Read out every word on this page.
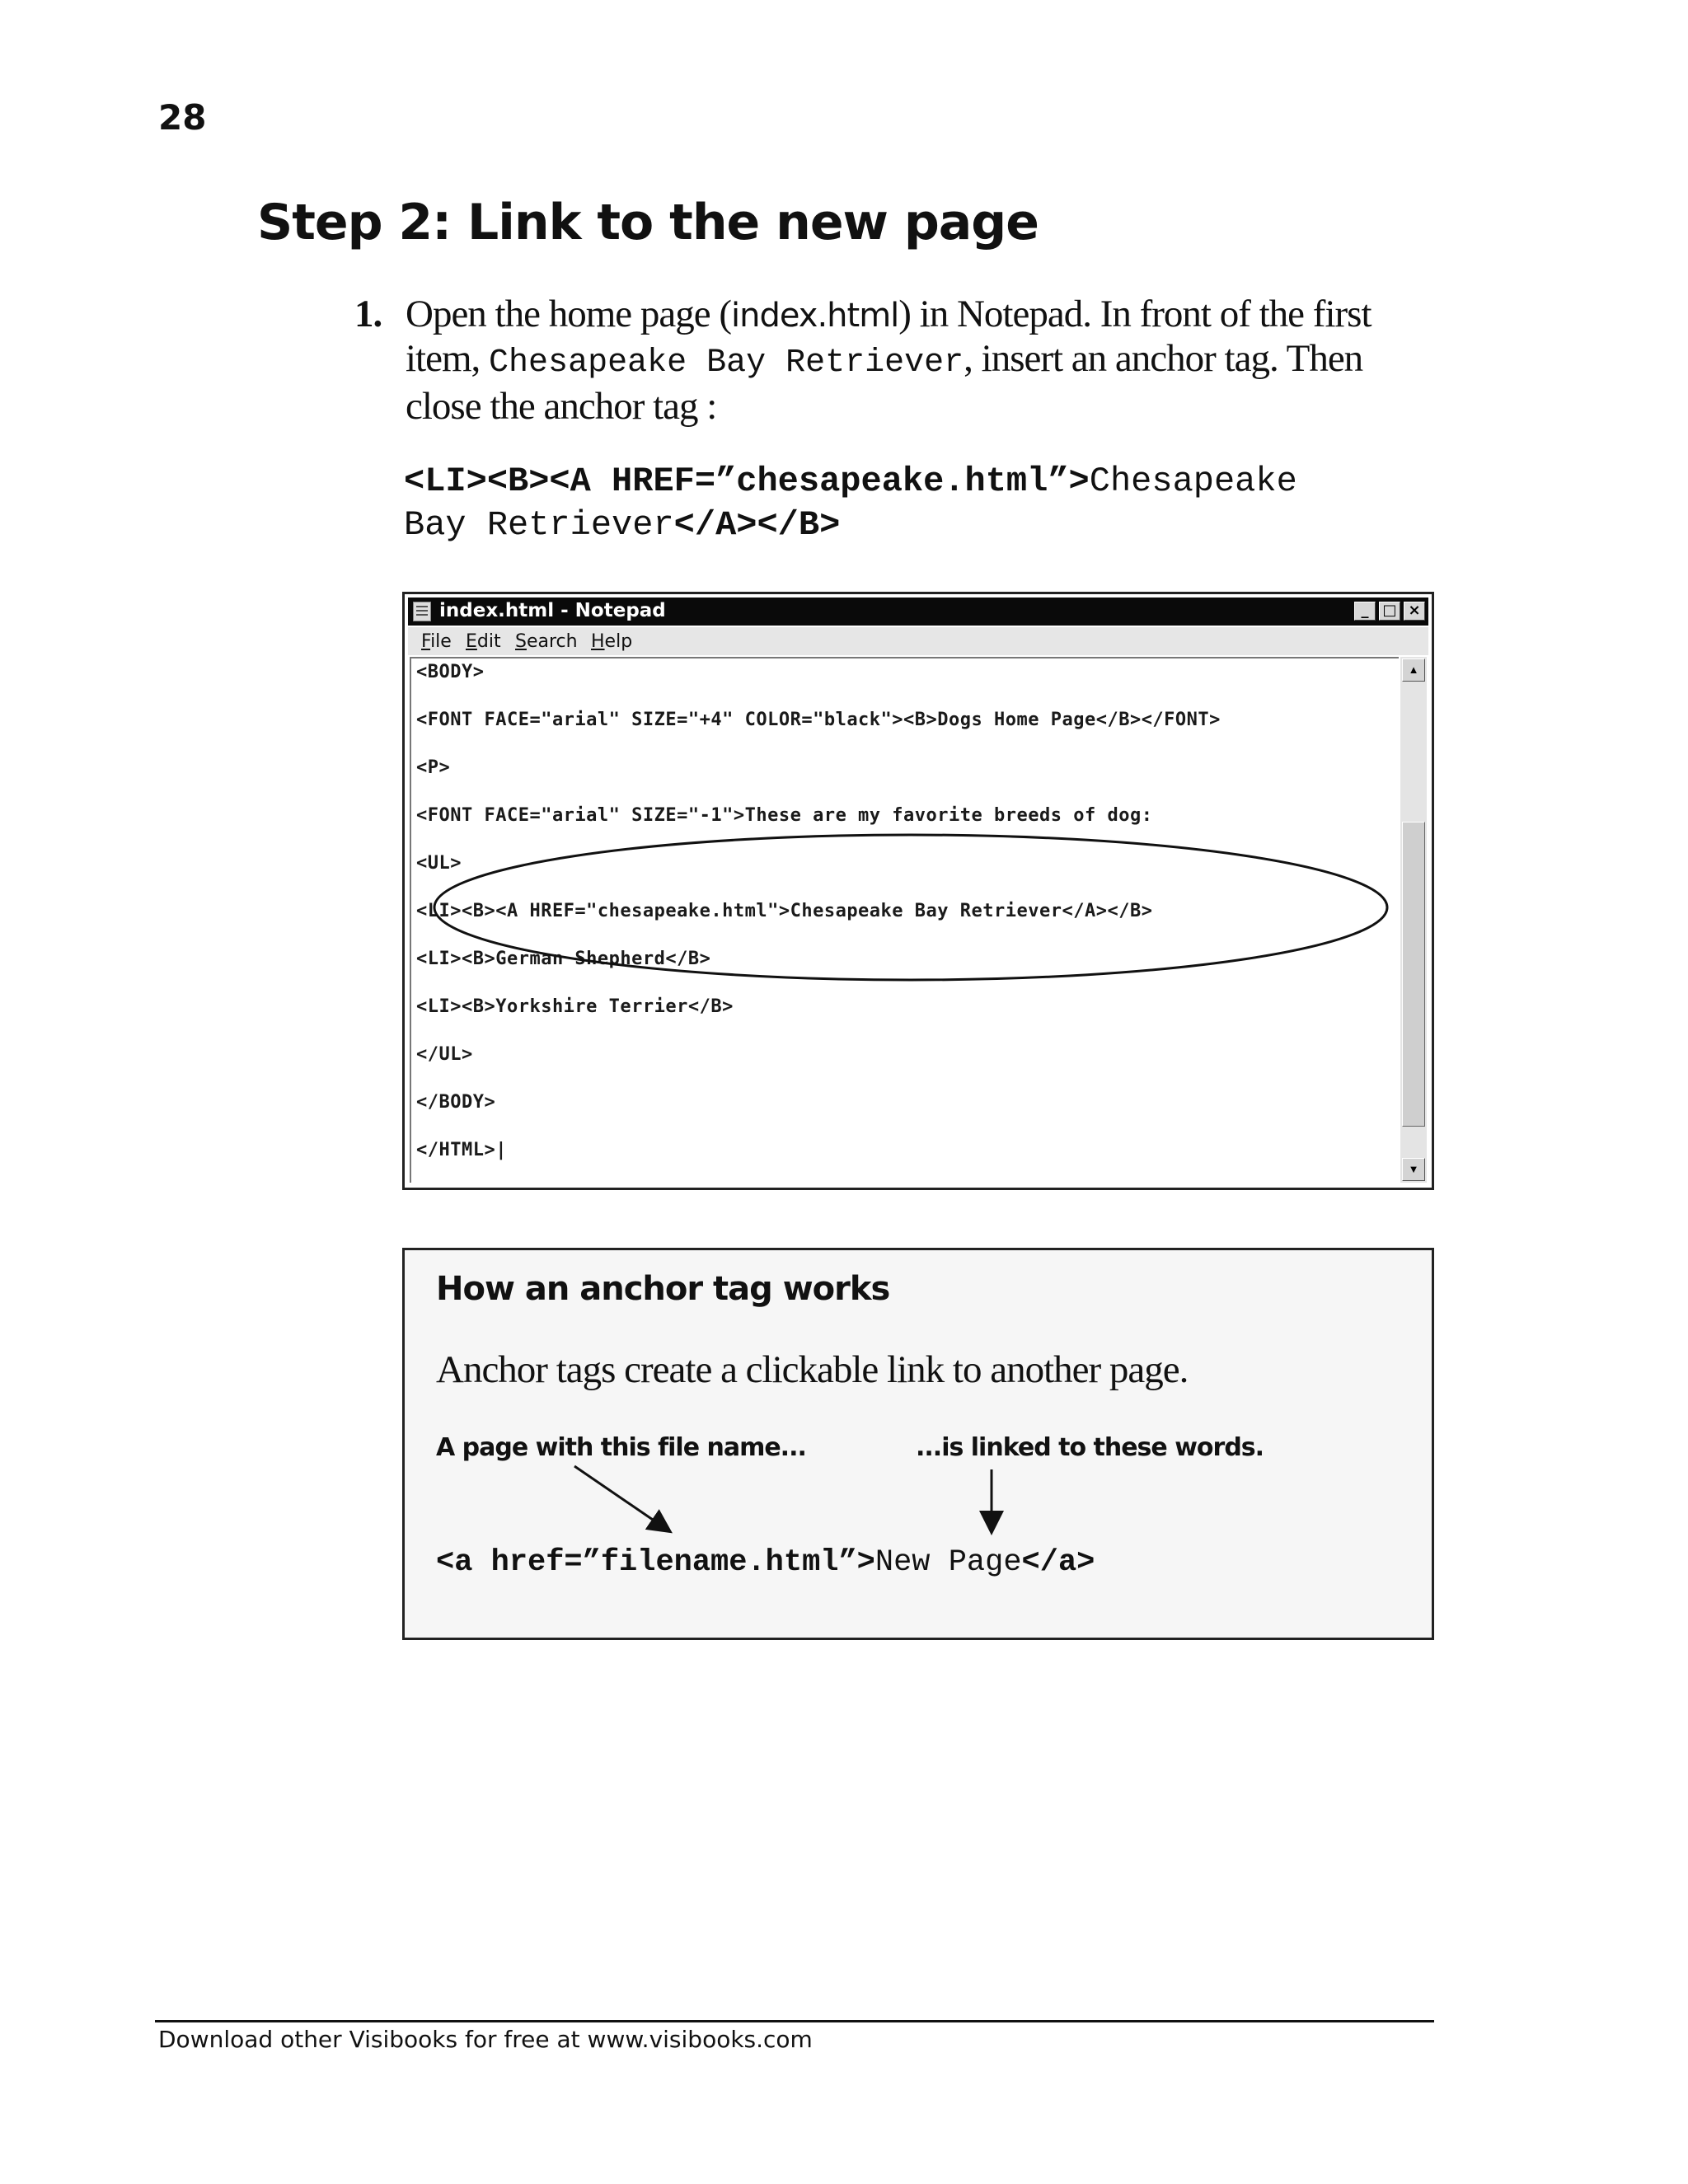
28
Step 2: Link to the new page
1. Open the home page (index.html) in Notepad. In front of the first item, Chesapeake Bay Retriever, insert an anchor tag. Then close the anchor tag :
<LI><B><A HREF=”chesapeake.html”>Chesapeake
Bay Retriever</A></B>
index.html - Notepad	_ □ ×
File Edit Search Help
<BODY>
<FONT FACE="arial" SIZE="+4" COLOR="black"><B>Dogs Home Page</B></FONT>
<P>
<FONT FACE="arial" SIZE="-1">These are my favorite breeds of dog:
<UL>
<LI><B><A HREF="chesapeake.html">Chesapeake Bay Retriever</A></B>
<LI><B>German Shepherd</B>
<LI><B>Yorkshire Terrier</B>
</UL>
</BODY>
</HTML>|
▲
▼
How an anchor tag works
Anchor tags create a clickable link to another page.
A page with this file name...	...is linked to these words.
<a href=”filename.html”>New Page</a>
Download other Visibooks for free at www.visibooks.com
